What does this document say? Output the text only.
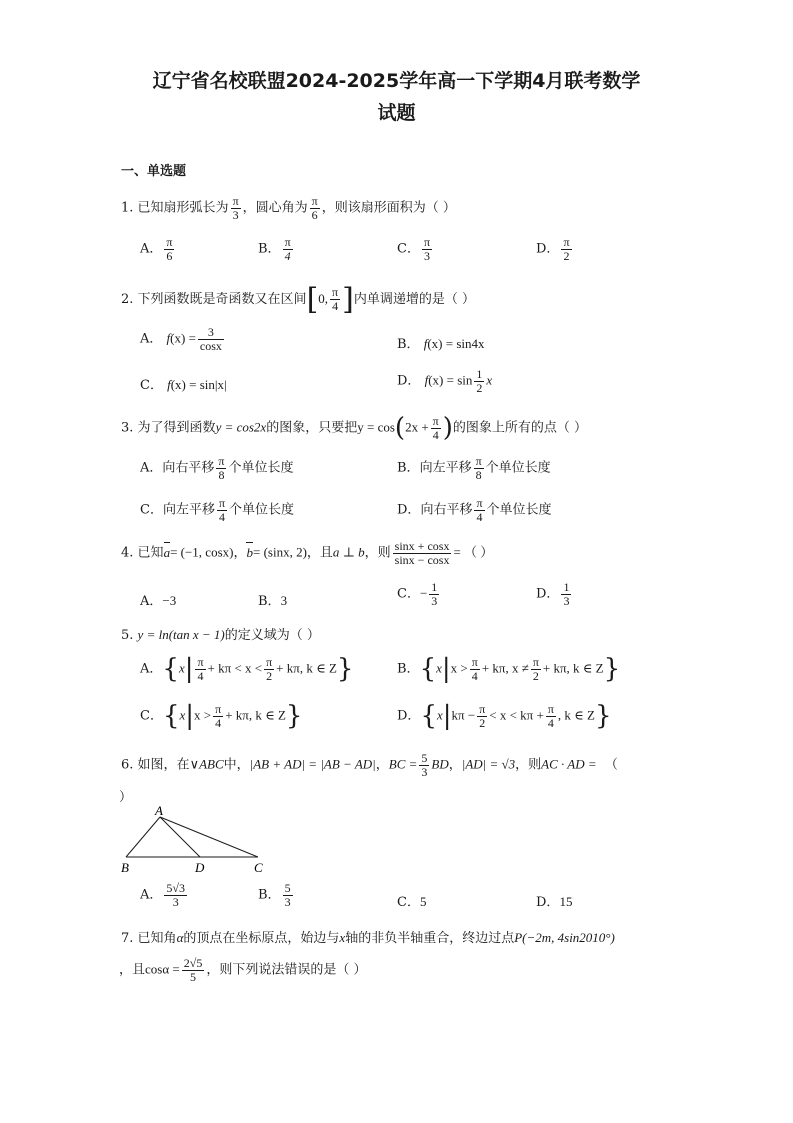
辽宁省名校联盟2024-2025学年高一下学期4月联考数学
试题
一、单选题
1. 已知扇形弧长为 $\frac{\pi}{3}$ ，圆心角为 $\frac{\pi}{6}$ ，则该扇形面积为（ ）
A． $\frac{\pi}{6}$	B． $\frac{\pi}{4}$	C． $\frac{\pi}{3}$	D． $\frac{\pi}{2}$
2. 下列函数既是奇函数又在区间[0, $\frac{\pi}{4}$ ]内单调递增的是（ ）
A． $f(x) = \frac{3}{\cos x}$	B． f(x) = sin4x
C． f(x) = sin|x|	D． $f(x) = \sin \frac{1}{2}$ x
3. 为了得到函数y = cos2x的图象，只要把$y = \cos(2x + \frac{\pi}{4}$ )的图象上所有的点（ ）
A．向右平移 $\frac{\pi}{8}$ 个单位长度	B．向左平移 $\frac{\pi}{8}$ 个单位长度
C．向左平移 $\frac{\pi}{4}$ 个单位长度	D．向右平移 $\frac{\pi}{4}$ 个单位长度
4. 已知a= (−1, cosx)，b= (sinx, 2)，且a ⊥ b，则 $\frac{\sin x + \cos x}{\sin x - \cos x}$ = （ ）
A．−3	B．3	C．− $\frac{1}{3}$	D． $\frac{1}{3}$
5. y = ln(tan x − 1)的定义域为（ ）
A．{$x| \frac{\pi}{4} + k\pi < x < \frac{\pi}{2} + k\pi$, k ∈ Z}	B．{$x|x > \frac{\pi}{4} + k\pi$, $x \ne \frac{\pi}{2} + k\pi$, k ∈ Z}
C．{$x|x > \frac{\pi}{4} + k\pi$, k ∈ Z}	D．{$x|k\pi - \frac{\pi}{2} < x < k\pi + \frac{\pi}{4}$ , k ∈ Z}
6. 如图，在∨ABC中，|AB + AD| = |AB − AD|，BC = $\frac{5}{3}$ BD，|AD| = √3，则AC · AD = （
）
A
B	D	C
A． $\frac{5√3}{3}$	B． $\frac{5}{3}$	C．5	D．15
7. 已知角α的顶点在坐标原点，始边与x轴的非负半轴重合，终边过点P(−2m, 4sin2010°)
，且$\cos\alpha = \frac{2√5}{5}$ ，则下列说法错误的是（ ）
